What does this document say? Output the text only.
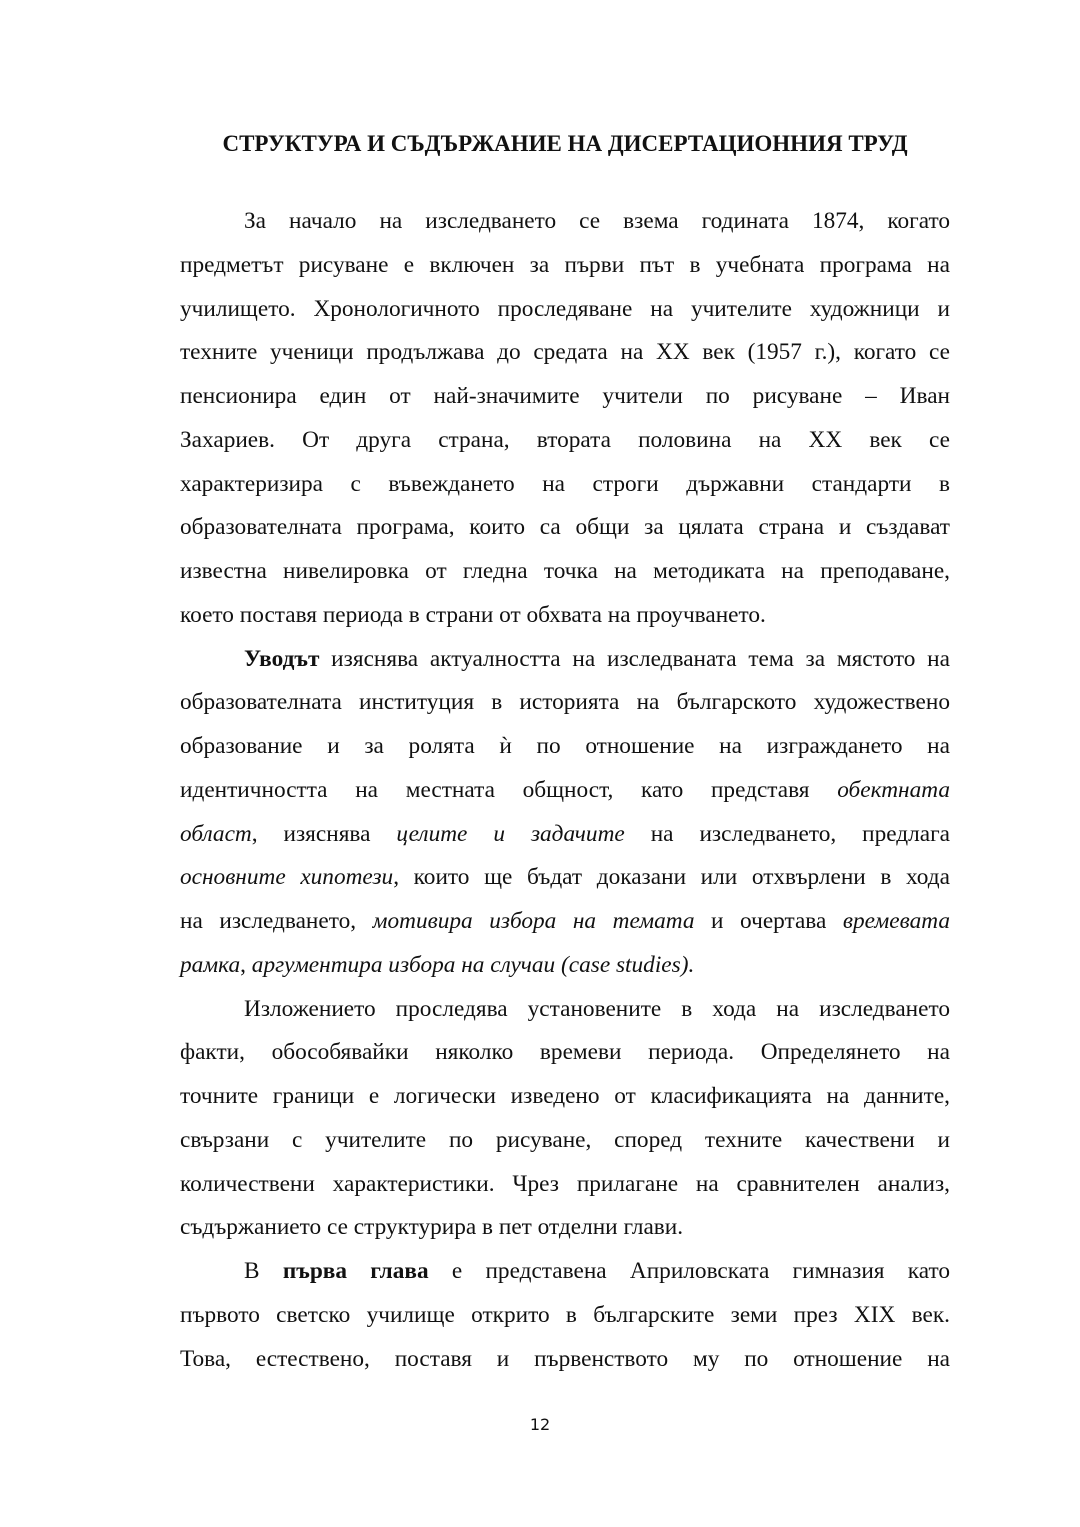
СТРУКТУРА И СЪДЪРЖАНИЕ НА ДИСЕРТАЦИОННИЯ ТРУД
За начало на изследването се взема годината 1874, когато
предметът рисуване е включен за първи път в учебната програма на
училището. Хронологичното проследяване на учителите художници и
техните ученици продължава до средата на XX век (1957 г.), когато се
пенсионира един от най-значимите учители по рисуване – Иван
Захариев. От друга страна, втората половина на XX век се
характеризира с въвеждането на строги държавни стандарти в
образователната програма, които са общи за цялата страна и създават
известна нивелировка от гледна точка на методиката на преподаване,
което поставя периода в страни от обхвата на проучването.
Уводът изяснява актуалността на изследваната тема за мястото на
образователната институция в историята на българското художествено
образование и за ролята ѝ по отношение на изграждането на
идентичността на местната общност, като представя обектната
област, изяснява целите и задачите на изследването, предлага
основните хипотези, които ще бъдат доказани или отхвърлени в хода
на изследването, мотивира избора на темата и очертава времевата
рамка, аргументира избора на случаи (case studies).
Изложението проследява установените в хода на изследването
факти, обособявайки няколко времеви периода. Определянето на
точните граници е логически изведено от класификацията на данните,
свързани с учителите по рисуване, според техните качествени и
количествени характеристики. Чрез прилагане на сравнителен анализ,
съдържанието се структурира в пет отделни глави.
В първа глава е представена Априловската гимназия като
първото светско училище открито в българските земи през XIX век.
Това, естествено, поставя и първенството му по отношение на
12
